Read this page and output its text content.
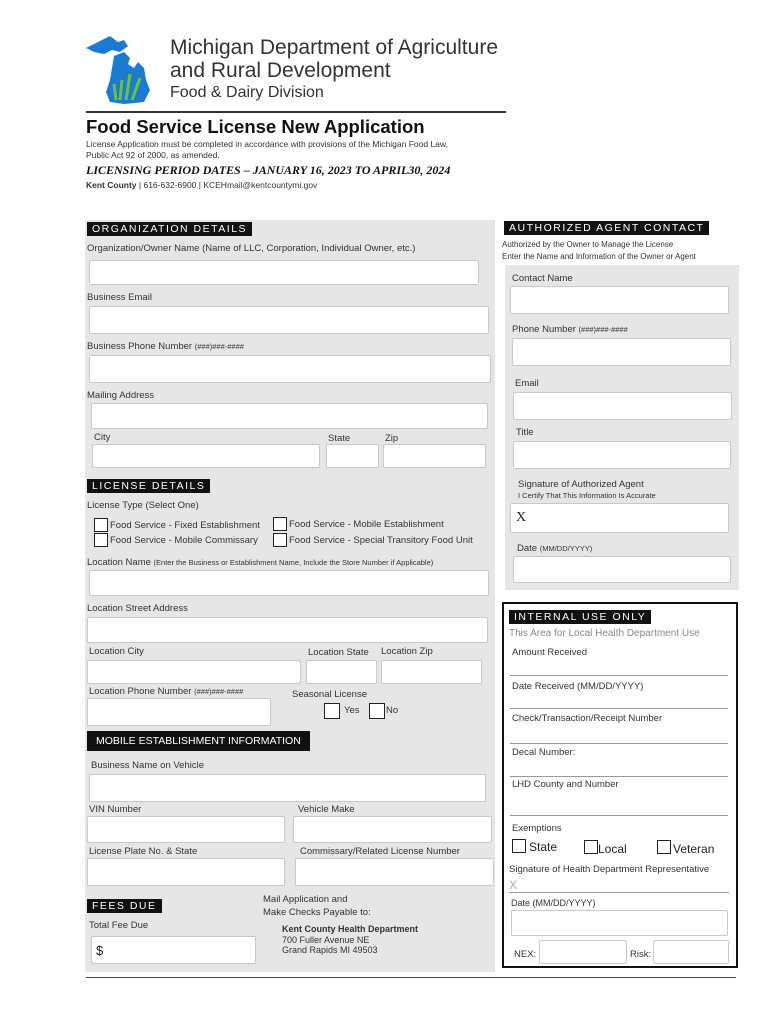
Michigan Department of Agriculture
and Rural Development
Food & Dairy Division
Food Service License New Application
License Application must be completed in accordance with provisions of the Michigan Food Law,
Public Act 92 of 2000, as amended.
LICENSING PERIOD DATES – JANUARY 16, 2023 TO APRIL30, 2024
Kent County | 616-632-6900 | KCEHmail@kentcountymi.gov
ORGANIZATION DETAILS
Organization/Owner Name (Name of LLC, Corporation, Individual Owner, etc.)
Business Email
Business Phone Number (###)###-####
Mailing Address
City	State	Zip
LICENSE DETAILS
License Type (Select One)
Food Service - Fixed Establishment	Food Service - Mobile Establishment
Food Service - Mobile Commissary	Food Service - Special Transitory Food Unit
Location Name (Enter the Business or Establishment Name, Include the Store Number if Applicable)
Location Street Address
Location City	Location State Location Zip
Location Phone Number (###)###-####	Seasonal License
Yes	No
MOBILE ESTABLISHMENT INFORMATION
Business Name on Vehicle
VIN Number	Vehicle Make
License Plate No. & State	Commissary/Related License Number
FEES DUE
Total Fee Due
$
Mail Application and
Make Checks Payable to:
Kent County Health Department
700 Fuller Avenue NE
Grand Rapids MI 49503
AUTHORIZED AGENT CONTACT
Authorized by the Owner to Manage the License
Enter the Name and Information of the Owner or Agent
Contact Name
Phone Number (###)###-####
Email
Title
Signature of Authorized Agent
I Certify That This Information Is Accurate
X
Date (MM/DD/YYYY)
INTERNAL USE ONLY
This Area for Local Health Department Use
Amount Received
Date Received (MM/DD/YYYY)
Check/Transaction/Receipt Number
Decal Number:
LHD County and Number
Exemptions
State	Local	Veteran
Signature of Health Department Representative
X
Date (MM/DD/YYYY)
NEX:	Risk:
